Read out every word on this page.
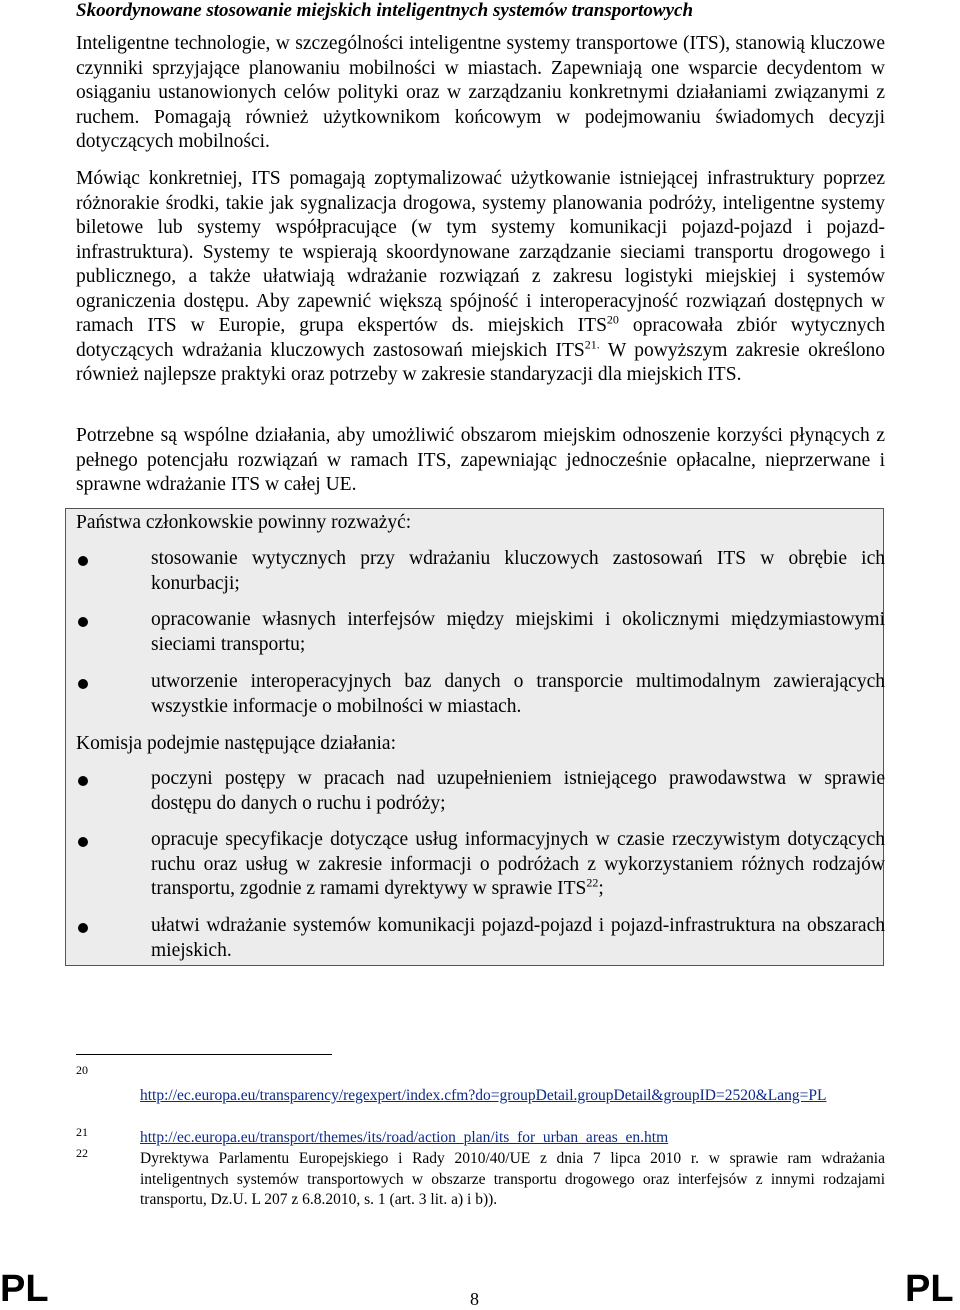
Skoordynowane stosowanie miejskich inteligentnych systemów transportowych

Inteligentne technologie, w szczególności inteligentne systemy transportowe (ITS), stanowią kluczowe czynniki sprzyjające planowaniu mobilności w miastach. Zapewniają one wsparcie decydentom w osiąganiu ustanowionych celów polityki oraz w zarządzaniu konkretnymi działaniami związanymi z ruchem. Pomagają również użytkownikom końcowym w podejmowaniu świadomych decyzji dotyczących mobilności.

Mówiąc konkretniej, ITS pomagają zoptymalizować użytkowanie istniejącej infrastruktury poprzez różnorakie środki, takie jak sygnalizacja drogowa, systemy planowania podróży, inteligentne systemy biletowe lub systemy współpracujące (w tym systemy komunikacji pojazd-pojazd i pojazd-infrastruktura). Systemy te wspierają skoordynowane zarządzanie sieciami transportu drogowego i publicznego, a także ułatwiają wdrażanie rozwiązań z zakresu logistyki miejskiej i systemów ograniczenia dostępu. Aby zapewnić większą spójność i interoperacyjność rozwiązań dostępnych w ramach ITS w Europie, grupa ekspertów ds. miejskich ITS$^{20}$ opracowała zbiór wytycznych dotyczących wdrażania kluczowych zastosowań miejskich $ITS^{21.}$ W powyższym zakresie określono również najlepsze praktyki oraz potrzeby w zakresie standaryzacji dla miejskich ITS.

Potrzebne są wspólne działania, aby umożliwić obszarom miejskim odnoszenie korzyści płynących z pełnego potencjału rozwiązań w ramach ITS, zapewniając jednocześnie opłacalne, nieprzerwane i sprawne wdrażanie ITS w całej UE.

Państwa członkowskie powinny rozważyć:
stosowanie wytycznych przy wdrażaniu kluczowych zastosowań ITS w obrębie ich konurbacji;
opracowanie własnych interfejsów między miejskimi i okolicznymi międzymiastowymi sieciami transportu;
utworzenie interoperacyjnych baz danych o transporcie multimodalnym zawierających wszystkie informacje o mobilności w miastach.
Komisja podejmie następujące działania:
poczyni postępy w pracach nad uzupełnieniem istniejącego prawodawstwa w sprawie dostępu do danych o ruchu i podróży;
opracuje specyfikacje dotyczące usług informacyjnych w czasie rzeczywistym dotyczących ruchu oraz usług w zakresie informacji o podróżach z wykorzystaniem różnych rodzajów transportu, zgodnie z ramami dyrektywy w sprawie ITS$^{22}$;
ułatwi wdrażanie systemów komunikacji pojazd-pojazd i pojazd-infrastruktura na obszarach miejskich.
20
http://ec.europa.eu/transparency/regexpert/index.cfm?do=groupDetail.groupDetail&groupID=2520&Lang=PL
21	http://ec.europa.eu/transport/themes/its/road/action_plan/its_for_urban_areas_en.htm
22	Dyrektywa Parlamentu Europejskiego i Rady 2010/40/UE z dnia 7 lipca 2010 r. w sprawie ram wdrażania inteligentnych systemów transportowych w obszarze transportu drogowego oraz interfejsów z innymi rodzajami transportu, Dz.U. L 207 z 6.8.2010, s. 1 (art. 3 lit. a) i b)).
PL	8	PL
